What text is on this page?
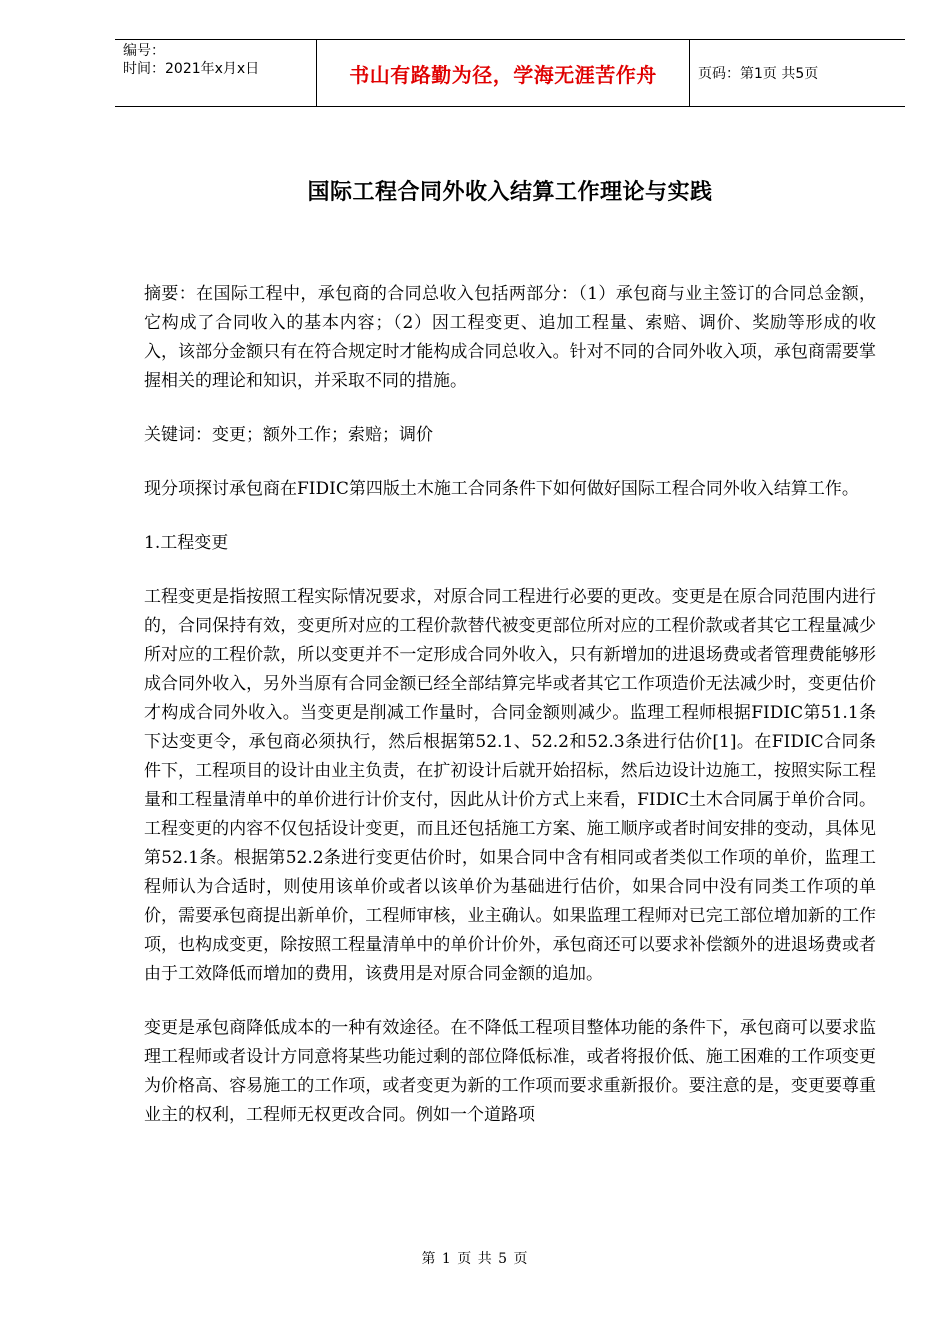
编号：
时间：2021年x月x日	书山有路勤为径，学海无涯苦作舟	页码：第1页 共5页
国际工程合同外收入结算工作理论与实践

摘要：在国际工程中，承包商的合同总收入包括两部分：（1）承包商与业主签订的合同总金额，它构成了合同收入的基本内容；（2）因工程变更、追加工程量、索赔、调价、奖励等形成的收入，该部分金额只有在符合规定时才能构成合同总收入。针对不同的合同外收入项，承包商需要掌握相关的理论和知识，并采取不同的措施。

关键词：变更；额外工作；索赔；调价

现分项探讨承包商在FIDIC第四版土木施工合同条件下如何做好国际工程合同外收入结算工作。

1.工程变更

工程变更是指按照工程实际情况要求，对原合同工程进行必要的更改。变更是在原合同范围内进行的，合同保持有效，变更所对应的工程价款替代被变更部位所对应的工程价款或者其它工程量减少所对应的工程价款，所以变更并不一定形成合同外收入，只有新增加的进退场费或者管理费能够形成合同外收入，另外当原有合同金额已经全部结算完毕或者其它工作项造价无法减少时，变更估价才构成合同外收入。当变更是削减工作量时，合同金额则减少。监理工程师根据FIDIC第51.1条下达变更令，承包商必须执行，然后根据第52.1、52.2和52.3条进行估价[1]。在FIDIC合同条件下，工程项目的设计由业主负责，在扩初设计后就开始招标，然后边设计边施工，按照实际工程量和工程量清单中的单价进行计价支付，因此从计价方式上来看，FIDIC土木合同属于单价合同。工程变更的内容不仅包括设计变更，而且还包括施工方案、施工顺序或者时间安排的变动，具体见第52.1条。根据第52.2条进行变更估价时，如果合同中含有相同或者类似工作项的单价，监理工程师认为合适时，则使用该单价或者以该单价为基础进行估价，如果合同中没有同类工作项的单价，需要承包商提出新单价，工程师审核，业主确认。如果监理工程师对已完工部位增加新的工作项，也构成变更，除按照工程量清单中的单价计价外，承包商还可以要求补偿额外的进退场费或者由于工效降低而增加的费用，该费用是对原合同金额的追加。

变更是承包商降低成本的一种有效途径。在不降低工程项目整体功能的条件下，承包商可以要求监理工程师或者设计方同意将某些功能过剩的部位降低标准，或者将报价低、施工困难的工作项变更为价格高、容易施工的工作项，或者变更为新的工作项而要求重新报价。要注意的是，变更要尊重业主的权利，工程师无权更改合同。例如一个道路项

第 1 页 共 5 页
